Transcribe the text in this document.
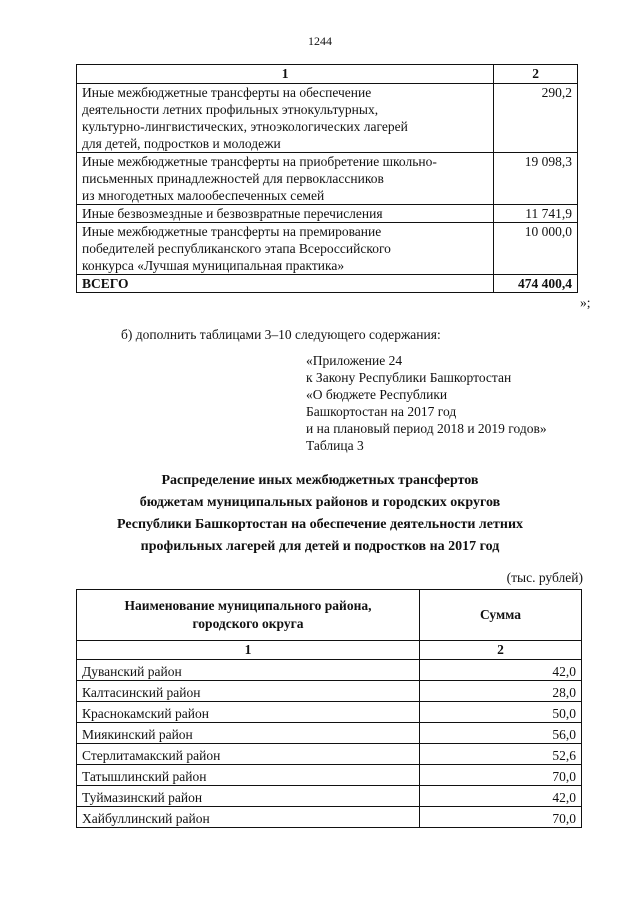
1244
1	2

Иные межбюджетные трансферты на обеспечение
деятельности летних профильных этнокультурных,
культурно-лингвистических, этноэкологических лагерей
для детей, подростков и молодежи	290,2

Иные межбюджетные трансферты на приобретение школьно-
письменных принадлежностей для первоклассников
из многодетных малообеспеченных семей	19 098,3

Иные безвозмездные и безвозвратные перечисления	11 741,9

Иные межбюджетные трансферты на премирование
победителей республиканского этапа Всероссийского
конкурса «Лучшая муниципальная практика»	10 000,0
ВСЕГО	474 400,4
»;
б) дополнить таблицами 3–10 следующего содержания:
«Приложение 24
к Закону Республики Башкортостан
«О бюджете Республики
Башкортостан на 2017 год
и на плановый период 2018 и 2019 годов»
Таблица 3
Распределение иных межбюджетных трансфертов
бюджетам муниципальных районов и городских округов
Республики Башкортостан на обеспечение деятельности летних
профильных лагерей для детей и подростков на 2017 год
(тыс. рублей)
Наименование муниципального района,
городского округа	Сумма
1	2
Дуванский район	42,0
Калтасинский район	28,0
Краснокамский район	50,0
Миякинский район	56,0
Стерлитамакский район	52,6
Татышлинский район	70,0
Туймазинский район	42,0
Хайбуллинский район	70,0
